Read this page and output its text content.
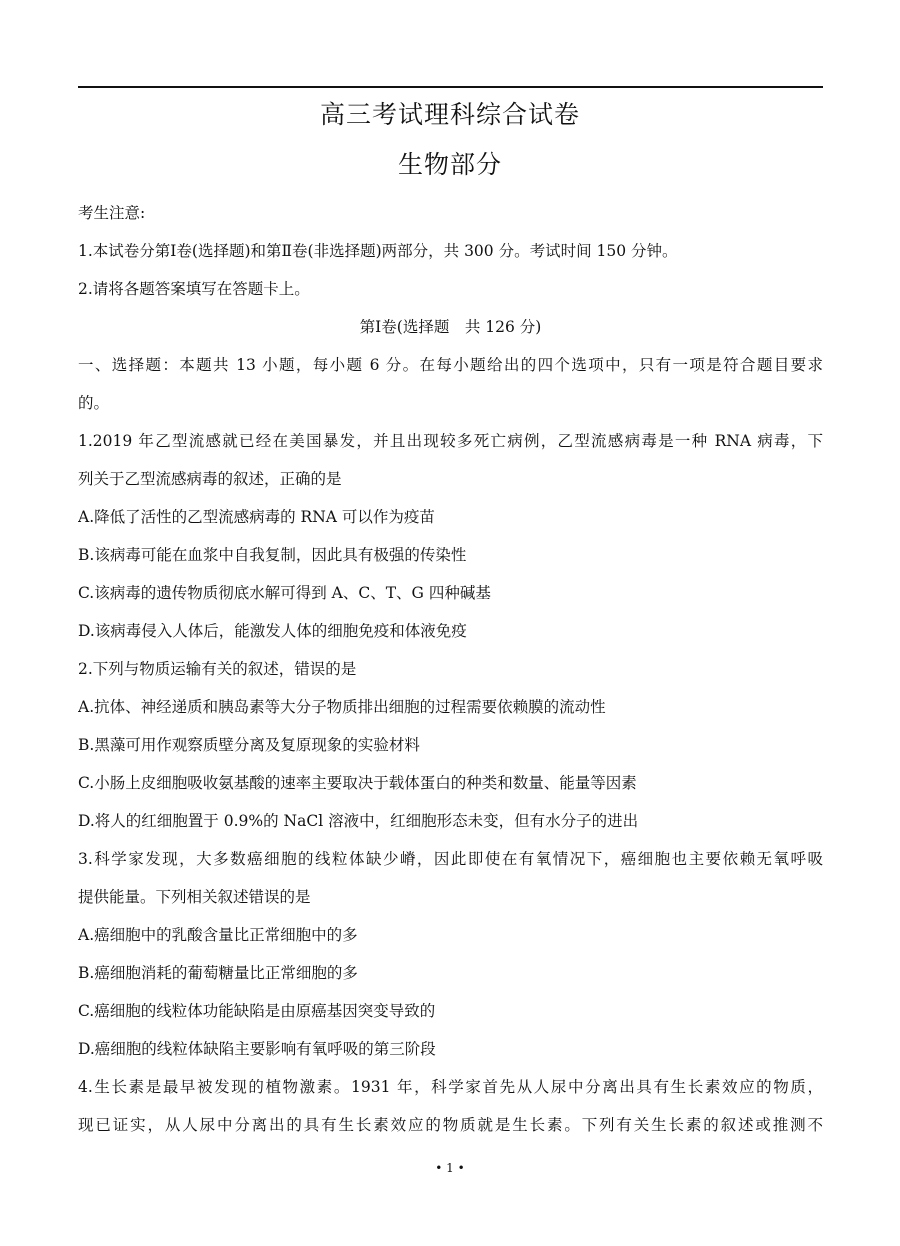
高三考试理科综合试卷
生物部分
考生注意:
1.本试卷分第Ⅰ卷(选择题)和第Ⅱ卷(非选择题)两部分，共 300 分。考试时间 150 分钟。
2.请将各题答案填写在答题卡上。
第Ⅰ卷(选择题　共 126 分)
一、选择题：本题共 13 小题，每小题 6 分。在每小题给出的四个选项中，只有一项是符合题目要求
的。
1.2019 年乙型流感就已经在美国暴发，并且出现较多死亡病例，乙型流感病毒是一种 RNA 病毒，下
列关于乙型流感病毒的叙述，正确的是
A.降低了活性的乙型流感病毒的 RNA 可以作为疫苗
B.该病毒可能在血浆中自我复制，因此具有极强的传染性
C.该病毒的遗传物质彻底水解可得到 A、C、T、G 四种碱基
D.该病毒侵入人体后，能激发人体的细胞免疫和体液免疫
2.下列与物质运输有关的叙述，错误的是
A.抗体、神经递质和胰岛素等大分子物质排出细胞的过程需要依赖膜的流动性
B.黑藻可用作观察质壁分离及复原现象的实验材料
C.小肠上皮细胞吸收氨基酸的速率主要取决于载体蛋白的种类和数量、能量等因素
D.将人的红细胞置于 0.9%的 NaCl 溶液中，红细胞形态未变，但有水分子的进出
3.科学家发现，大多数癌细胞的线粒体缺少嵴，因此即使在有氧情况下，癌细胞也主要依赖无氧呼吸
提供能量。下列相关叙述错误的是
A.癌细胞中的乳酸含量比正常细胞中的多
B.癌细胞消耗的葡萄糖量比正常细胞的多
C.癌细胞的线粒体功能缺陷是由原癌基因突变导致的
D.癌细胞的线粒体缺陷主要影响有氧呼吸的第三阶段
4.生长素是最早被发现的植物激素。1931 年，科学家首先从人尿中分离出具有生长素效应的物质，
现已证实，从人尿中分离出的具有生长素效应的物质就是生长素。下列有关生长素的叙述或推测不
• 1 •
